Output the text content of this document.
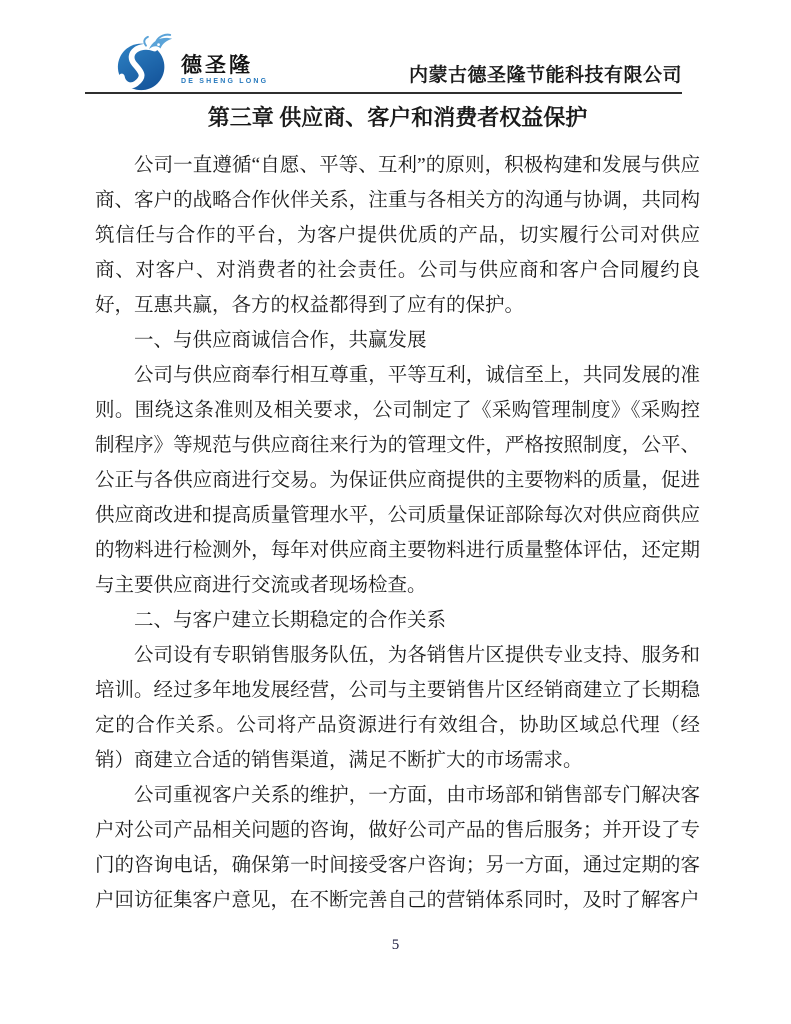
德圣隆
DE SHENG LONG	内蒙古德圣隆节能科技有限公司
第三章 供应商、客户和消费者权益保护

公司一直遵循“自愿、平等、互利”的原则，积极构建和发展与供应商、客户的战略合作伙伴关系，注重与各相关方的沟通与协调，共同构筑信任与合作的平台，为客户提供优质的产品，切实履行公司对供应商、对客户、对消费者的社会责任。公司与供应商和客户合同履约良好，互惠共赢，各方的权益都得到了应有的保护。

一、与供应商诚信合作，共赢发展

公司与供应商奉行相互尊重，平等互利，诚信至上，共同发展的准则。围绕这条准则及相关要求，公司制定了《采购管理制度》《采购控制程序》等规范与供应商往来行为的管理文件，严格按照制度，公平、公正与各供应商进行交易。为保证供应商提供的主要物料的质量，促进供应商改进和提高质量管理水平，公司质量保证部除每次对供应商供应的物料进行检测外，每年对供应商主要物料进行质量整体评估，还定期与主要供应商进行交流或者现场检查。

二、与客户建立长期稳定的合作关系

公司设有专职销售服务队伍，为各销售片区提供专业支持、服务和培训。经过多年地发展经营，公司与主要销售片区经销商建立了长期稳定的合作关系。公司将产品资源进行有效组合，协助区域总代理（经销）商建立合适的销售渠道，满足不断扩大的市场需求。

公司重视客户关系的维护，一方面，由市场部和销售部专门解决客户对公司产品相关问题的咨询，做好公司产品的售后服务；并开设了专门的咨询电话，确保第一时间接受客户咨询；另一方面，通过定期的客户回访征集客户意见，在不断完善自己的营销体系同时，及时了解客户

5
